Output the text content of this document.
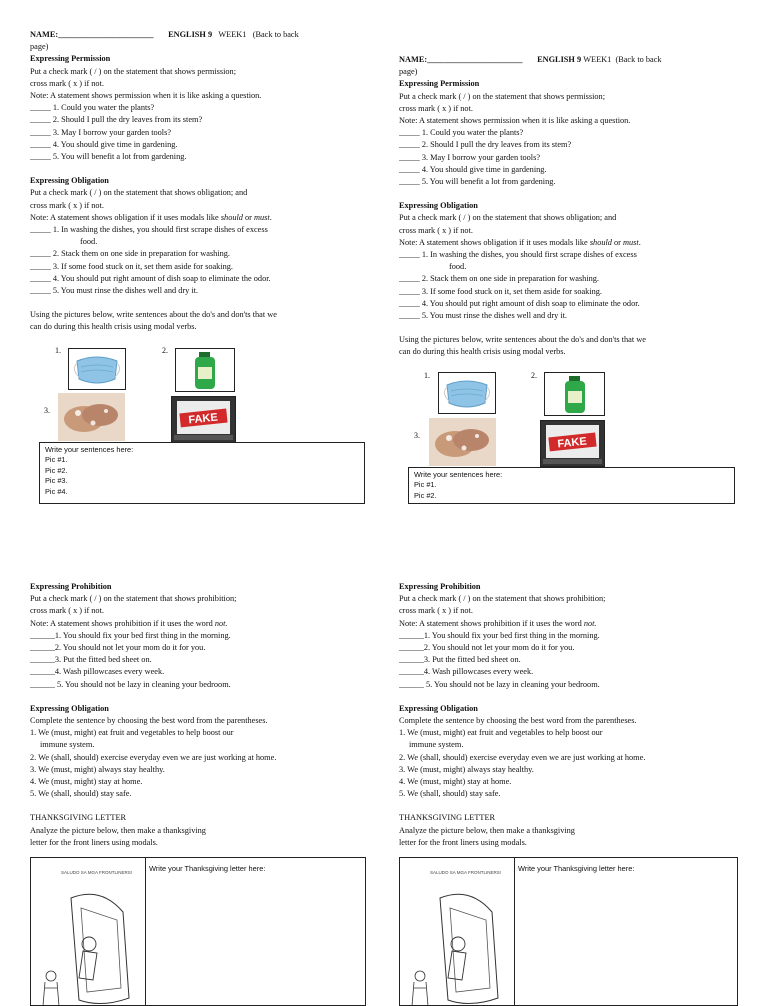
NAME:_______________________ ENGLISH 9 WEEK1 (Back to back
page)
Expressing Permission
Put a check mark ( / ) on the statement that shows permission;
cross mark ( x ) if not.
Note: A statement shows permission when it is like asking a question.
_____ 1. Could you water the plants?
_____ 2. Should I pull the dry leaves from its stem?
_____ 3. May I borrow your garden tools?
_____ 4. You should give time in gardening.
_____ 5. You will benefit a lot from gardening.
Expressing Obligation
Put a check mark ( / ) on the statement that shows obligation; and
cross mark ( x ) if not.
Note: A statement shows obligation if it uses modals like should or must.
_____ 1. In washing the dishes, you should first scrape dishes of excess
food.
_____ 2. Stack them on one side in preparation for washing.
_____ 3. If some food stuck on it, set them aside for soaking.
_____ 4. You should put right amount of dish soap to eliminate the odor.
_____ 5. You must rinse the dishes well and dry it.
Using the pictures below, write sentences about the do's and don'ts that we
can do during this health crisis using modal verbs.
1.	2.
3.
FAKE
Write your sentences here:
Pic #1.
Pic #2.
Pic #3.
Pic #4.
NAME:_______________________ ENGLISH 9 WEEK1 (Back to back
page)
Expressing Permission
Put a check mark ( / ) on the statement that shows permission;
cross mark ( x ) if not.
Note: A statement shows permission when it is like asking a question.
_____ 1. Could you water the plants?
_____ 2. Should I pull the dry leaves from its stem?
_____ 3. May I borrow your garden tools?
_____ 4. You should give time in gardening.
_____ 5. You will benefit a lot from gardening.
Expressing Obligation
Put a check mark ( / ) on the statement that shows obligation; and
cross mark ( x ) if not.
Note: A statement shows obligation if it uses modals like should or must.
_____ 1. In washing the dishes, you should first scrape dishes of excess
food.
_____ 2. Stack them on one side in preparation for washing.
_____ 3. If some food stuck on it, set them aside for soaking.
_____ 4. You should put right amount of dish soap to eliminate the odor.
_____ 5. You must rinse the dishes well and dry it.
Using the pictures below, write sentences about the do's and don'ts that we
can do during this health crisis using modal verbs.
1.	2.
3.	FAKE
Write your sentences here:
Pic #1.
Pic #2.
Expressing Prohibition
Put a check mark ( / ) on the statement that shows prohibition;
cross mark ( x ) if not.
Note: A statement shows prohibition if it uses the word not.
______1. You should fix your bed first thing in the morning.
______2. You should not let your mom do it for you.
______3. Put the fitted bed sheet on.
______4. Wash pillowcases every week.
______ 5. You should not be lazy in cleaning your bedroom.
Expressing Obligation
Complete the sentence by choosing the best word from the parentheses.
1. We (must, might) eat fruit and vegetables to help boost our
immune system.
2. We (shall, should) exercise everyday even we are just working at home.
3. We (must, might) always stay healthy.
4. We (must, might) stay at home.
5. We (shall, should) stay safe.
THANKSGIVING LETTER
Analyze the picture below, then make a thanksgiving
letter for the front liners using modals.
SALUDO SA MGA FRONTLINERS! Write your Thanksgiving letter here:
Expressing Prohibition
Put a check mark ( / ) on the statement that shows prohibition;
cross mark ( x ) if not.
Note: A statement shows prohibition if it uses the word not.
______1. You should fix your bed first thing in the morning.
______2. You should not let your mom do it for you.
______3. Put the fitted bed sheet on.
______4. Wash pillowcases every week.
______ 5. You should not be lazy in cleaning your bedroom.
Expressing Obligation
Complete the sentence by choosing the best word from the parentheses.
1. We (must, might) eat fruit and vegetables to help boost our
immune system.
2. We (shall, should) exercise everyday even we are just working at home.
3. We (must, might) always stay healthy.
4. We (must, might) stay at home.
5. We (shall, should) stay safe.
THANKSGIVING LETTER
Analyze the picture below, then make a thanksgiving
letter for the front liners using modals.
SALUDO SA MGA FRONTLINERS! Write your Thanksgiving letter here:
